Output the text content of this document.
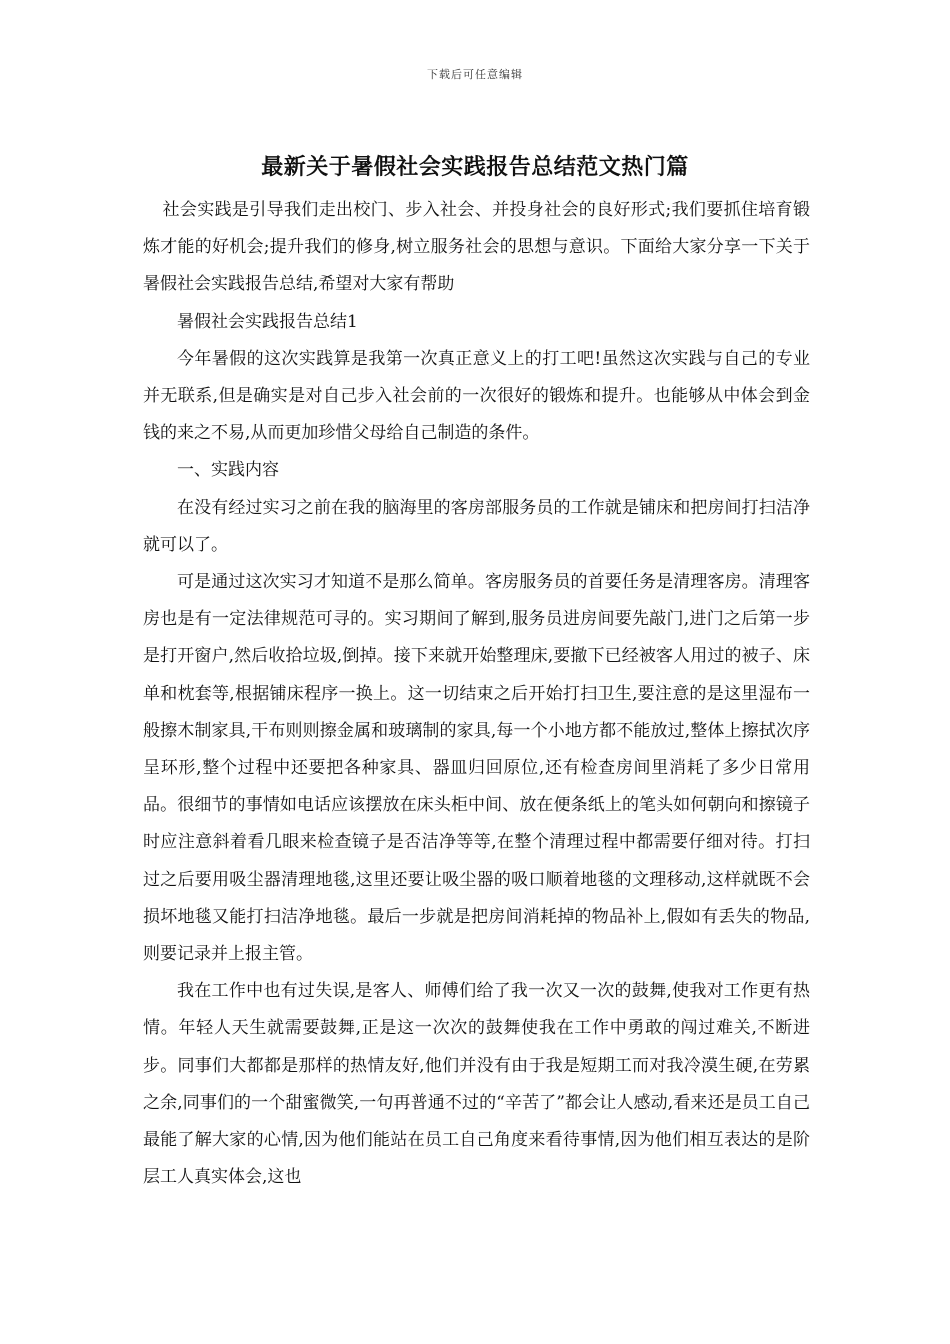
下载后可任意编辑
最新关于暑假社会实践报告总结范文热门篇

社会实践是引导我们走出校门、步入社会、并投身社会的良好形式;我们要抓住培育锻炼才能的好机会;提升我们的修身,树立服务社会的思想与意识。下面给大家分享一下关于暑假社会实践报告总结,希望对大家有帮助

暑假社会实践报告总结1

今年暑假的这次实践算是我第一次真正意义上的打工吧!虽然这次实践与自己的专业并无联系,但是确实是对自己步入社会前的一次很好的锻炼和提升。也能够从中体会到金钱的来之不易,从而更加珍惜父母给自己制造的条件。

一、实践内容

在没有经过实习之前在我的脑海里的客房部服务员的工作就是铺床和把房间打扫洁净就可以了。

可是通过这次实习才知道不是那么简单。客房服务员的首要任务是清理客房。清理客房也是有一定法律规范可寻的。实习期间了解到,服务员进房间要先敲门,进门之后第一步是打开窗户,然后收拾垃圾,倒掉。接下来就开始整理床,要撤下已经被客人用过的被子、床单和枕套等,根据铺床程序一换上。这一切结束之后开始打扫卫生,要注意的是这里湿布一般擦木制家具,干布则则擦金属和玻璃制的家具,每一个小地方都不能放过,整体上擦拭次序呈环形,整个过程中还要把各种家具、器皿归回原位,还有检查房间里消耗了多少日常用品。很细节的事情如电话应该摆放在床头柜中间、放在便条纸上的笔头如何朝向和擦镜子时应注意斜着看几眼来检查镜子是否洁净等等,在整个清理过程中都需要仔细对待。打扫过之后要用吸尘器清理地毯,这里还要让吸尘器的吸口顺着地毯的文理移动,这样就既不会损坏地毯又能打扫洁净地毯。最后一步就是把房间消耗掉的物品补上,假如有丢失的物品,则要记录并上报主管。

我在工作中也有过失误,是客人、师傅们给了我一次又一次的鼓舞,使我对工作更有热情。年轻人天生就需要鼓舞,正是这一次次的鼓舞使我在工作中勇敢的闯过难关,不断进步。同事们大都都是那样的热情友好,他们并没有由于我是短期工而对我冷漠生硬,在劳累之余,同事们的一个甜蜜微笑,一句再普通不过的“辛苦了”都会让人感动,看来还是员工自己最能了解大家的心情,因为他们能站在员工自己角度来看待事情,因为他们相互表达的是阶层工人真实体会,这也
